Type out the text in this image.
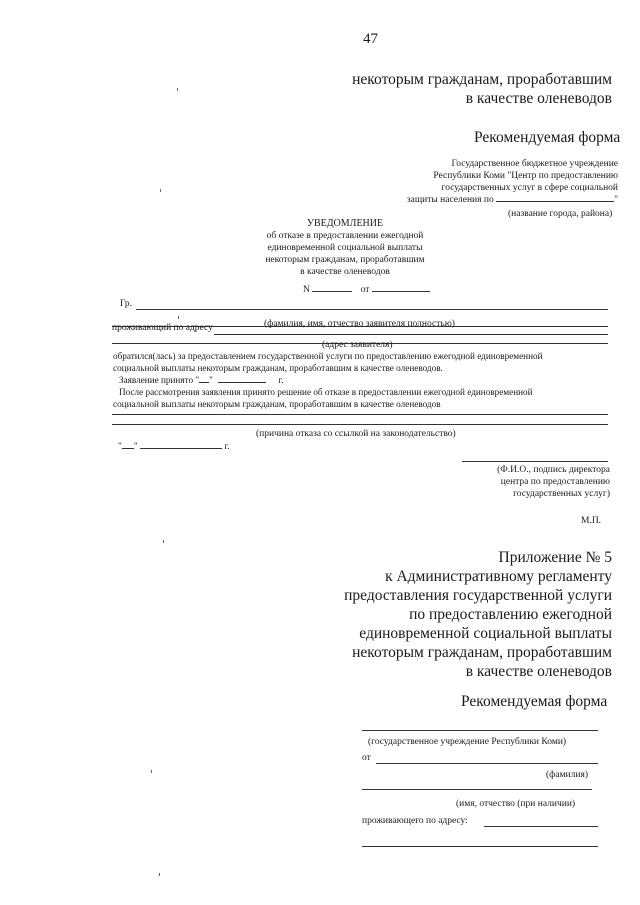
47
некоторым гражданам, проработавшим
в качестве оленеводов
Рекомендуемая форма
Государственное бюджетное учреждение
Республики Коми "Центр по предоставлению
государственных услуг в сфере социальной
защиты населения по	"
(название города, района)
УВЕДОМЛЕНИЕ
об отказе в предоставлении ежегодной
единовременной социальной выплаты
некоторым гражданам, проработавшим
в качестве оленеводов
N	от
Гр.
(фамилия, имя, отчество заявителя полностью)
проживающий по адресу
(адрес заявителя)
обратился(лась) за предоставлением государственной услуги по предоставлению ежегодной единовременной
социальной выплаты некоторым гражданам, проработавшим в качестве оленеводов.
Заявление принято " "	г.
После рассмотрения заявления принято решение об отказе в предоставлении ежегодной единовременной
социальной выплаты некоторым гражданам, проработавшим в качестве оленеводов
(причина отказа со ссылкой на законодательство)
" "	г.
(Ф.И.О., подпись директора
центра по предоставлению
государственных услуг)
М.П.
Приложение № 5
к Административному регламенту
предоставления государственной услуги
по предоставлению ежегодной
единовременной социальной выплаты
некоторым гражданам, проработавшим
в качестве оленеводов
Рекомендуемая форма
(государственное учреждение Республики Коми)
от
(фамилия)
(имя, отчество (при наличии)
проживающего по адресу:
